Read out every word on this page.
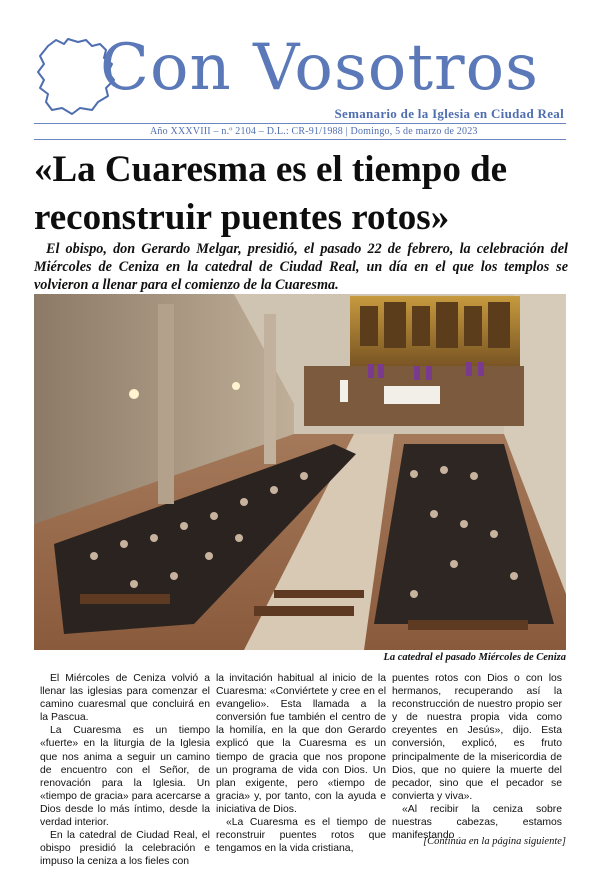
Con Vosotros
Semanario de la Iglesia en Ciudad Real
Año XXXVIII – n.º 2104 – D.L.: CR-91/1988 | Domingo, 5 de marzo de 2023
«La Cuaresma es el tiempo de reconstruir puentes rotos»

El obispo, don Gerardo Melgar, presidió, el pasado 22 de febrero, la celebración del Miércoles de Ceniza en la catedral de Ciudad Real, un día en el que los templos se volvieron a llenar para el comienzo de la Cuaresma.

La catedral el pasado Miércoles de Ceniza

El Miércoles de Ceniza volvió a llenar las iglesias para comenzar el camino cuaresmal que concluirá en la Pascua.

La Cuaresma es un tiempo «fuerte» en la liturgia de la Iglesia que nos anima a seguir un camino de encuentro con el Señor, de renovación para la Iglesia. Un «tiempo de gracia» para acercarse a Dios desde lo más íntimo, desde la verdad interior.

En la catedral de Ciudad Real, el obispo presidió la celebración e impuso la ceniza a los fieles con

la invitación habitual al inicio de la Cuaresma: «Conviértete y cree en el evangelio». Esta llamada a la conversión fue también el centro de la homilía, en la que don Gerardo explicó que la Cuaresma es un tiempo de gracia que nos propone un programa de vida con Dios. Un plan exigente, pero «tiempo de gracia» y, por tanto, con la ayuda e iniciativa de Dios.

«La Cuaresma es el tiempo de reconstruir puentes rotos que tengamos en la vida cristiana,

puentes rotos con Dios o con los hermanos, recuperando así la reconstrucción de nuestro propio ser y de nuestra propia vida como creyentes en Jesús», dijo. Esta conversión, explicó, es fruto principalmente de la misericordia de Dios, que no quiere la muerte del pecador, sino que el pecador se convierta y viva».

«Al recibir la ceniza sobre nuestras cabezas, estamos manifestando

[Continúa en la página siguiente]
